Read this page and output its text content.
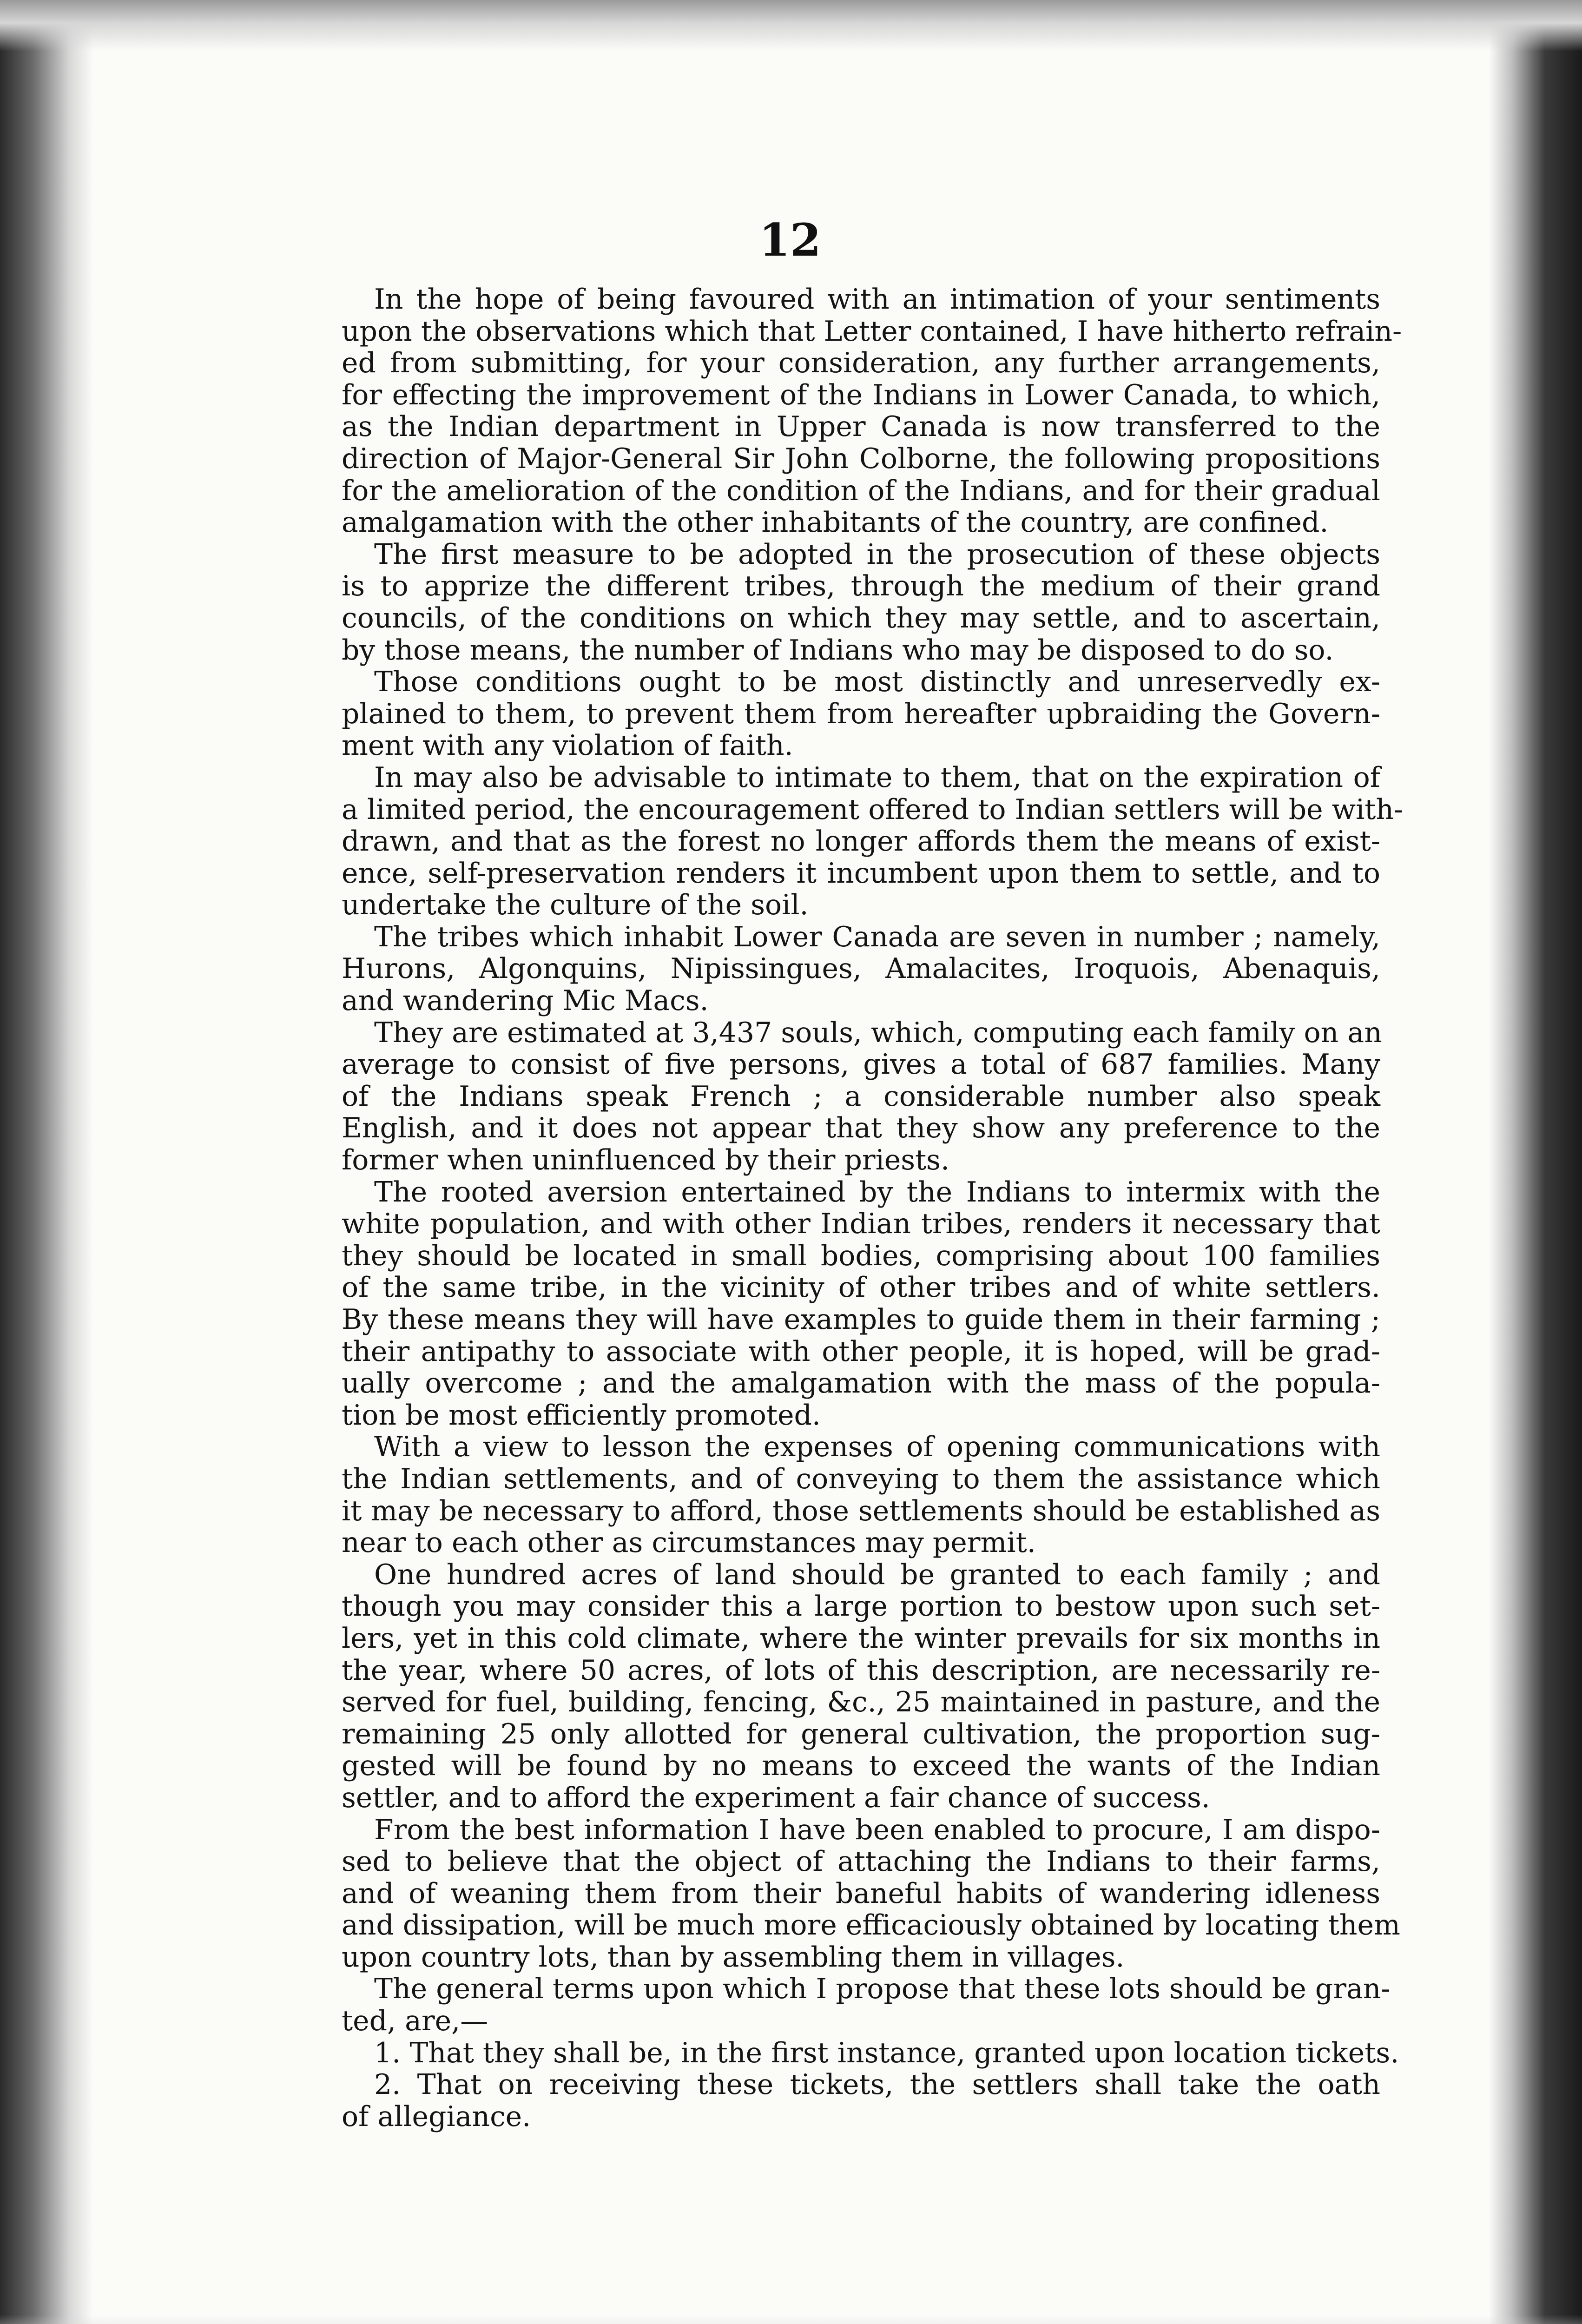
12
In the hope of being favoured with an intimation of your sentiments
upon the observations which that Letter contained, I have hitherto refrain-
ed from submitting, for your consideration, any further arrangements,
for effecting the improvement of the Indians in Lower Canada, to which,
as the Indian department in Upper Canada is now transferred to the
direction of Major-General Sir John Colborne, the following propositions
for the amelioration of the condition of the Indians, and for their gradual
amalgamation with the other inhabitants of the country, are confined.
The first measure to be adopted in the prosecution of these objects
is to apprize the different tribes, through the medium of their grand
councils, of the conditions on which they may settle, and to ascertain,
by those means, the number of Indians who may be disposed to do so.
Those conditions ought to be most distinctly and unreservedly ex-
plained to them, to prevent them from hereafter upbraiding the Govern-
ment with any violation of faith.
In may also be advisable to intimate to them, that on the expiration of
a limited period, the encouragement offered to Indian settlers will be with-
drawn, and that as the forest no longer affords them the means of exist-
ence, self-preservation renders it incumbent upon them to settle, and to
undertake the culture of the soil.
The tribes which inhabit Lower Canada are seven in number ; namely,
Hurons, Algonquins, Nipissingues, Amalacites, Iroquois, Abenaquis,
and wandering Mic Macs.
They are estimated at 3,437 souls, which, computing each family on an
average to consist of five persons, gives a total of 687 families. Many
of the Indians speak French ; a considerable number also speak
English, and it does not appear that they show any preference to the
former when uninfluenced by their priests.
The rooted aversion entertained by the Indians to intermix with the
white population, and with other Indian tribes, renders it necessary that
they should be located in small bodies, comprising about 100 families
of the same tribe, in the vicinity of other tribes and of white settlers.
By these means they will have examples to guide them in their farming ;
their antipathy to associate with other people, it is hoped, will be grad-
ually overcome ; and the amalgamation with the mass of the popula-
tion be most efficiently promoted.
With a view to lesson the expenses of opening communications with
the Indian settlements, and of conveying to them the assistance which
it may be necessary to afford, those settlements should be established as
near to each other as circumstances may permit.
One hundred acres of land should be granted to each family ; and
though you may consider this a large portion to bestow upon such set-
lers, yet in this cold climate, where the winter prevails for six months in
the year, where 50 acres, of lots of this description, are necessarily re-
served for fuel, building, fencing, &c., 25 maintained in pasture, and the
remaining 25 only allotted for general cultivation, the proportion sug-
gested will be found by no means to exceed the wants of the Indian
settler, and to afford the experiment a fair chance of success.
From the best information I have been enabled to procure, I am dispo-
sed to believe that the object of attaching the Indians to their farms,
and of weaning them from their baneful habits of wandering idleness
and dissipation, will be much more efficaciously obtained by locating them
upon country lots, than by assembling them in villages.
The general terms upon which I propose that these lots should be gran-
ted, are,—
1. That they shall be, in the first instance, granted upon location tickets.
2. That on receiving these tickets, the settlers shall take the oath
of allegiance.
